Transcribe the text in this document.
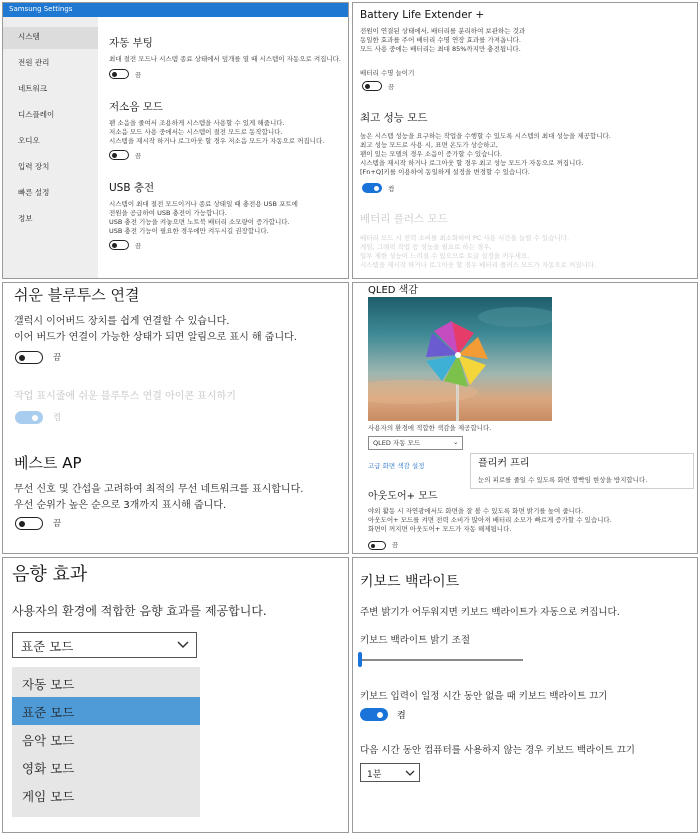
Samsung Settings
시스템
전원 관리
네트워크
디스플레이
오디오
입력 장치
빠른 설정
정보
자동 부팅
최대 절전 모드나 시스템 종료 상태에서 덮개를 열 때 시스템이 자동으로 켜집니다.
끔
저소음 모드
팬 소음을 줄여서 조용하게 시스템을 사용할 수 있게 해줍니다.
저소음 모드 사용 중에서는 시스템이 절전 모드로 동작합니다.
시스템을 재시작 하거나 로그아웃 할 경우 저소음 모드가 자동으로 꺼집니다.
끔
USB 충전
시스템이 최대 절전 모드이거나 종료 상태일 때 충전용 USB 포트에
전원을 공급하여 USB 충전이 가능합니다.
USB 충전 기능을 켜놓으면 노트북 배터리 소모량이 증가합니다.
USB 충전 기능이 필요한 경우에만 켜두시길 권장합니다.
끔
Battery Life Extender +
전원이 연결된 상태에서, 배터리를 분리하여 보관하는 것과
동일한 효과를 주어 배터리 수명 연장 효과를 가져옵니다.
모드 사용 중에는 배터리는 최대 85%까지만 충전됩니다.
배터리 수명 늘이기
끔
최고 성능 모드
높은 시스템 성능을 요구하는 작업을 수행할 수 있도록 시스템의 최대 성능을 제공합니다.
최고 성능 모드로 사용 시, 표면 온도가 상승하고,
팬이 있는 모델의 경우 소음이 증가할 수 있습니다.
시스템을 재시작 하거나 로그아웃 할 경우 최고 성능 모드가 자동으로 꺼집니다.
[Fn+Q]키를 이용하여 동일하게 설정을 변경할 수 있습니다.
켬
배터리 플러스 모드
배터리 모드 시 전력 소비를 최소화하여 PC 사용 시간을 늘릴 수 있습니다.
게임, 그래픽 작업 등 성능을 필요로 하는 경우,
일부 제한 성능이 느려질 수 있으므로 토글 설정을 꺼두세요.
시스템을 재시작 하거나 로그아웃 할 경우 배터리 플러스 모드가 자동으로 꺼집니다.
쉬운 블루투스 연결
갤럭시 이어버드 장치를 쉽게 연결할 수 있습니다.
이어 버드가 연결이 가능한 상태가 되면 알림으로 표시 해 줍니다.
끔
작업 표시줄에 쉬운 블루투스 연결 아이콘 표시하기
켬
베스트 AP
무선 신호 및 간섭을 고려하여 최적의 무선 네트워크를 표시합니다.
우선 순위가 높은 순으로 3개까지 표시해 줍니다.
끔
QLED 색감
사용자의 환경에 적합한 색감을 제공합니다.
QLED 자동 모드	⌄
고급 화면 색감 설정	플리커 프리
눈의 피로를 줄일 수 있도록 화면 깜빡임 현상을 방지합니다.
아웃도어+ 모드
야외 활동 시 자연광에서도 화면을 잘 볼 수 있도록 화면 밝기를 높여 줍니다.
아웃도어+ 모드를 켜면 전력 소비가 많아져 배터리 소모가 빠르게 증가할 수 있습니다.
화면이 꺼지면 아웃도어+ 모드가 자동 해제됩니다.
끔
음향 효과
사용자의 환경에 적합한 음향 효과를 제공합니다.
표준 모드
자동 모드
표준 모드
음악 모드
영화 모드
게임 모드
키보드 백라이트
주변 밝기가 어두워지면 키보드 백라이트가 자동으로 켜집니다.
키보드 백라이트 밝기 조절
키보드 입력이 일정 시간 동안 없을 때 키보드 백라이트 끄기
켬
다음 시간 동안 컴퓨터를 사용하지 않는 경우 키보드 백라이트 끄기
1분
